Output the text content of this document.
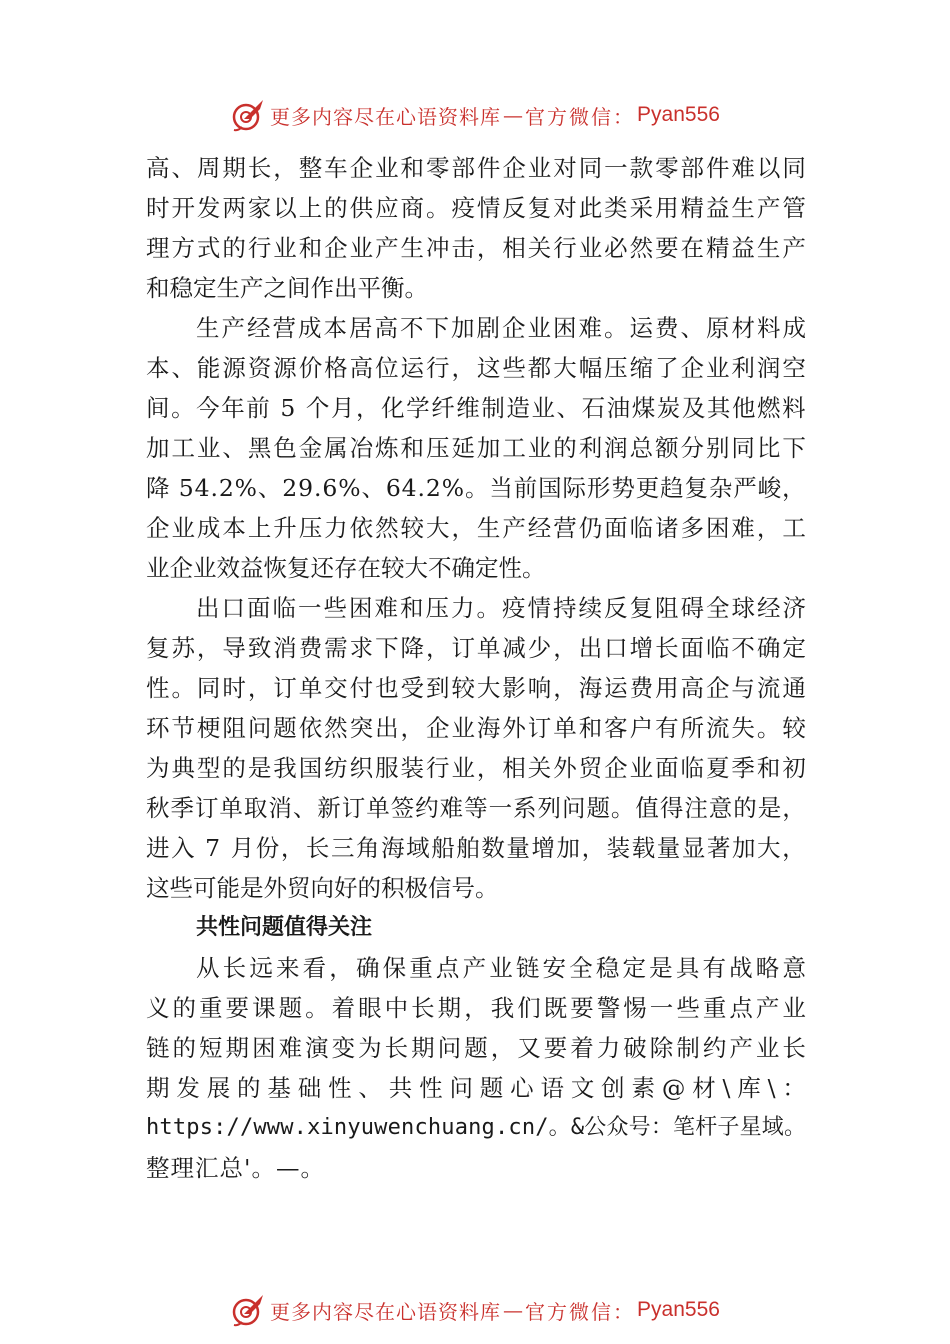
更多内容尽在心语资料库 — 官方微信： Pyan556
高 、 周 期 长 ， 整 车 企 业 和 零 部 件 企 业 对 同 一 款 零 部 件 难 以 同
时 开 发 两 家 以 上 的 供 应 商 。 疫 情 反 复 对 此 类 采 用 精 益 生 产 管
理 方 式 的 行 业 和 企 业 产 生 冲 击 ， 相 关 行 业 必 然 要 在 精 益 生 产
和稳定生产之间作出平衡。
生 产 经 营 成 本 居 高 不 下 加 剧 企 业 困 难 。 运 费 、 原 材 料 成
本 、 能 源 资 源 价 格 高 位 运 行 ， 这 些 都 大 幅 压 缩 了 企 业 利 润 空
间 。 今 年 前
5
个 月 ， 化 学 纤 维 制 造 业 、 石 油 煤 炭 及 其 他 燃 料
加 工 业 、 黑 色 金 属 冶 炼 和 压 延 加 工 业 的 利 润 总 额 分 别 同 比 下
降
5 4 . 2 % 、 2 9 . 6 % 、 6 4 . 2 % 。 当 前 国 际 形 势 更 趋 复 杂 严 峻 ，
企 业 成 本 上 升 压 力 依 然 较 大 ， 生 产 经 营 仍 面 临 诸 多 困 难 ， 工
业企业效益恢复还存在较大不确定性。
出 口 面 临 一 些 困 难 和 压 力 。 疫 情 持 续 反 复 阻 碍 全 球 经 济
复 苏 ， 导 致 消 费 需 求 下 降 ， 订 单 减 少 ， 出 口 增 长 面 临 不 确 定
性 。 同 时 ， 订 单 交 付 也 受 到 较 大 影 响 ， 海 运 费 用 高 企 与 流 通
环 节 梗 阻 问 题 依 然 突 出 ， 企 业 海 外 订 单 和 客 户 有 所 流 失 。 较
为 典 型 的 是 我 国 纺 织 服 装 行 业 ， 相 关 外 贸 企 业 面 临 夏 季 和 初
秋 季 订 单 取 消 、 新 订 单 签 约 难 等 一 系 列 问 题 。 值 得 注 意 的 是 ，
进 入
7
月 份 ， 长 三 角 海 域 船 舶 数 量 增 加 ， 装 载 量 显 著 加 大 ，
这些可能是外贸向好的积极信号。
共性问题值得关注
从 长 远 来 看 ， 确 保 重 点 产 业 链 安 全 稳 定 是 具 有 战 略 意
义 的 重 要 课 题 。 着 眼 中 长 期 ， 我 们 既 要 警 惕 一 些 重 点 产 业
链 的 短 期 困 难 演 变 为 长 期 问 题 ， 又 要 着 力 破 除 制 约 产 业 长
期 发 展 的 基 础 性 、 共 性 问 题 心 语 文 创 素 @ 材 \ 库 \ ：
h t t p s : / / w w w . x i n y u w e n c h u a n g . c n / 。 & 公 众 号 ： 笔 杆 子 星 域 。
整理汇总'。—。
更多内容尽在心语资料库 — 官方微信： Pyan556
